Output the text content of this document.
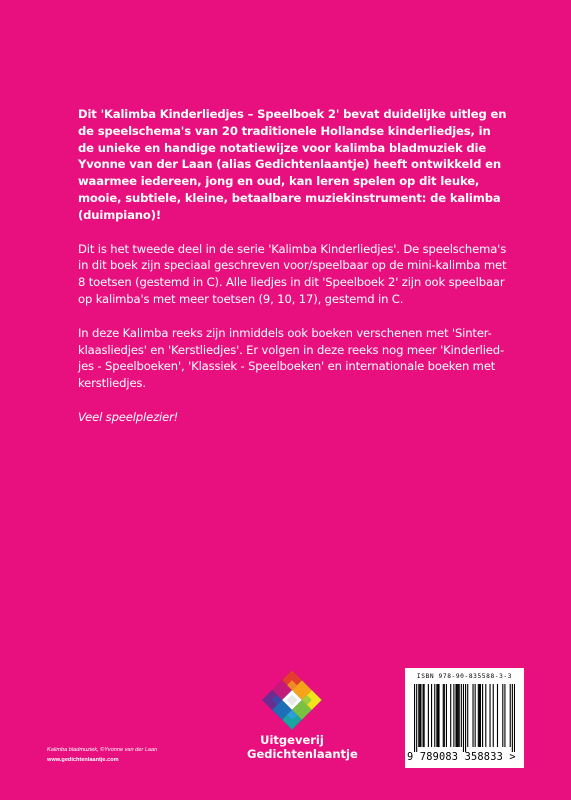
Dit 'Kalimba Kinderliedjes – Speelboek 2' bevat duidelijke uitleg en de speelschema's van 20 traditionele Hollandse kinderliedjes, in de unieke en handige notatiewijze voor kalimba bladmuziek die Yvonne van der Laan (alias Gedichtenlaantje) heeft ontwikkeld en waarmee iedereen, jong en oud, kan leren spelen op dit leuke, mooie, subtiele, kleine, betaalbare muziekinstrument: de kalimba (duimpiano)!

Dit is het tweede deel in de serie 'Kalimba Kinderliedjes'. De speelschema's in dit boek zijn speciaal geschreven voor/speelbaar op de mini-kalimba met 8 toetsen (gestemd in C). Alle liedjes in dit 'Speelboek 2' zijn ook speelbaar op kalimba's met meer toetsen (9, 10, 17), gestemd in C.

In deze Kalimba reeks zijn inmiddels ook boeken verschenen met 'Sinter-klaasliedjes' en 'Kerstliedjes'. Er volgen in deze reeks nog meer 'Kinderlied-jes - Speelboeken', 'Klassiek - Speelboeken' en internationale boeken met kerstliedjes.

Veel speelplezier!

Uitgeverij
Gedichtenlaantje
Kalimba bladmuziek, ©Yvonne van der Laan
www.gedichtenlaantje.com
ISBN 978-90-835588-3-3
9 789083 358833 >
